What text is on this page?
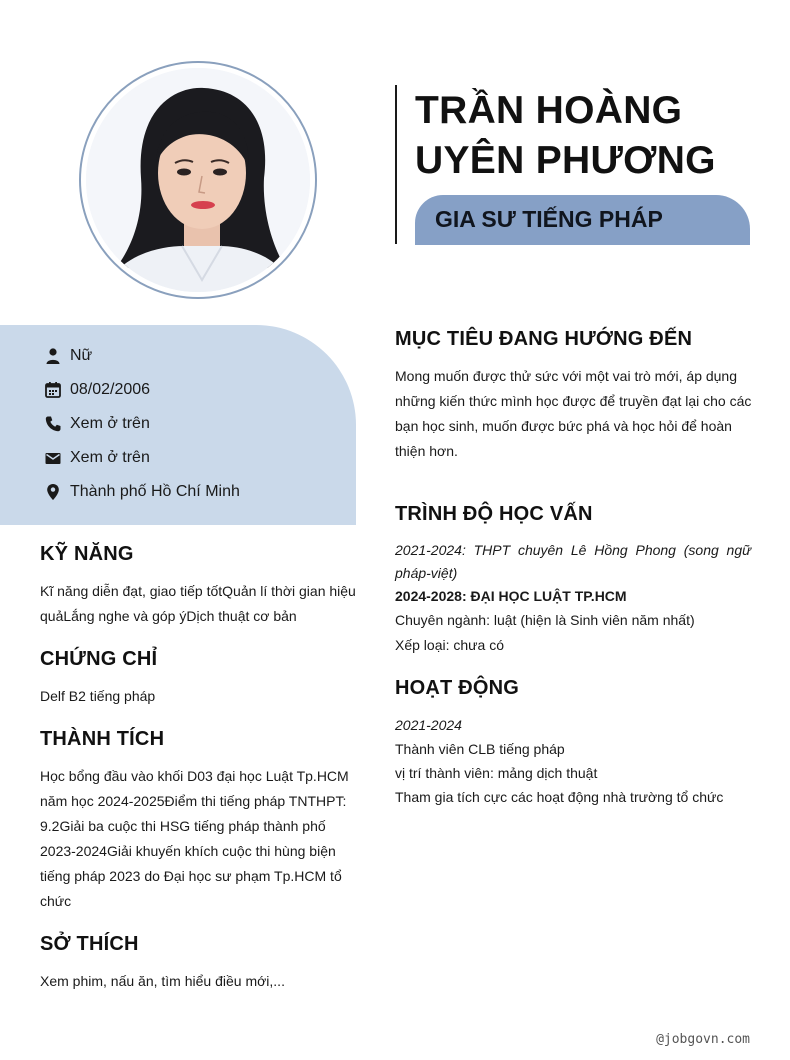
TRẦN HOÀNG
UYÊN PHƯƠNG
GIA SƯ TIẾNG PHÁP
Nữ
08/02/2006
Xem ở trên
Xem ở trên
Thành phố Hồ Chí Minh
KỸ NĂNG
Kĩ năng diễn đạt, giao tiếp tốtQuản lí thời gian hiệu
quảLắng nghe và góp ýDịch thuật cơ bản
CHỨNG CHỈ
Delf B2 tiếng pháp
THÀNH TÍCH
Học bổng đầu vào khối D03 đại học Luật Tp.HCM
năm học 2024-2025Điểm thi tiếng pháp TNTHPT:
9.2Giải ba cuộc thi HSG tiếng pháp thành phố
2023-2024Giải khuyến khích cuộc thi hùng biện
tiếng pháp 2023 do Đại học sư phạm Tp.HCM tổ
chức
SỞ THÍCH
Xem phim, nấu ăn, tìm hiểu điều mới,...
MỤC TIÊU ĐANG HƯỚNG ĐẾN
Mong muốn được thử sức với một vai trò mới, áp dụng
những kiến thức mình học được để truyền đạt lại cho các
bạn học sinh, muốn được bức phá và học hỏi để hoàn
thiện hơn.
TRÌNH ĐỘ HỌC VẤN
2021-2024: THPT chuyên Lê Hồng Phong (song ngữ
pháp-việt)
2024-2028: ĐẠI HỌC LUẬT TP.HCM
Chuyên ngành: luật (hiện là Sinh viên năm nhất)
Xếp loại: chưa có
HOẠT ĐỘNG
2021-2024
Thành viên CLB tiếng pháp
vị trí thành viên: mảng dịch thuật
Tham gia tích cực các hoạt động nhà trường tổ chức
@jobgovn.com
